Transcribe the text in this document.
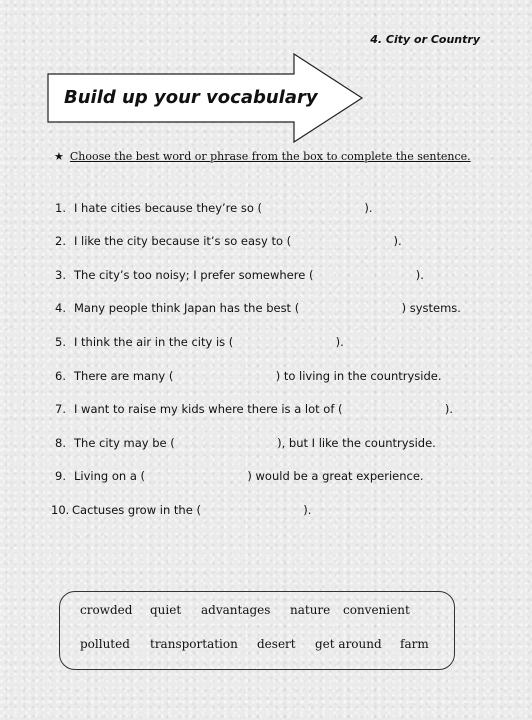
4. City or Country
Build up your vocabulary
★ Choose the best word or phrase from the box to complete the sentence.
1. I hate cities because they’re so (                            ).
2. I like the city because it’s so easy to (                            ).
3. The city’s too noisy; I prefer somewhere (                            ).
4. Many people think Japan has the best (                            ) systems.
5. I think the air in the city is (                            ).
6. There are many (                            ) to living in the countryside.
7. I want to raise my kids where there is a lot of (                            ).
8. The city may be (                            ), but I like the countryside.
9. Living on a (                            ) would be a great experience.
10. Cactuses grow in the (                            ).
crowded quiet advantages nature convenient
polluted transportation desert get around farm
